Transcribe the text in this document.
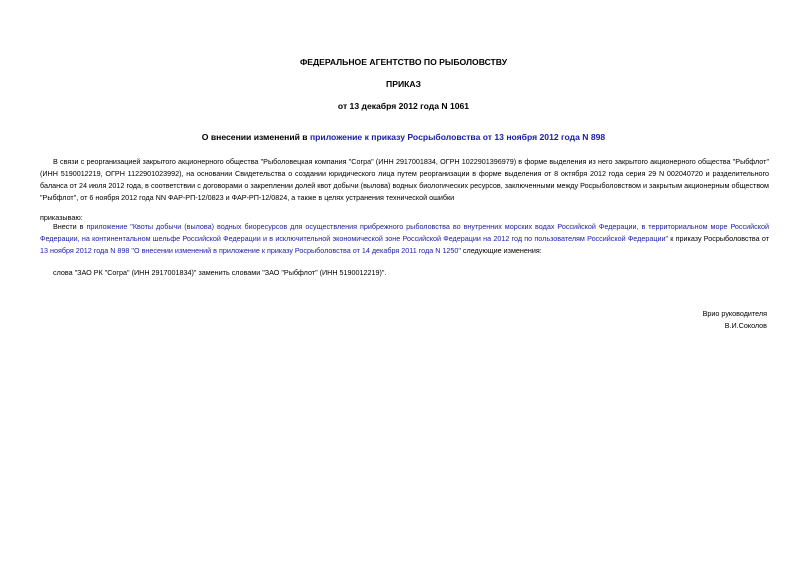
ФЕДЕРАЛЬНОЕ АГЕНТСТВО ПО РЫБОЛОВСТВУ
ПРИКАЗ
от 13 декабря 2012 года N 1061
О внесении изменений в приложение к приказу Росрыболовства от 13 ноября 2012 года N 898
В связи с реорганизацией закрытого акционерного общества "Рыболовецкая компания "Согра" (ИНН 2917001834, ОГРН 1022901396979) в форме выделения из него закрытого акционерного общества "Рыбфлот" (ИНН 5190012219, ОГРН 1122901023992), на основании Свидетельства о создании юридического лица путем реорганизации в форме выделения от 8 октября 2012 года серия 29 N 002040720 и разделительного баланса от 24 июля 2012 года, в соответствии с договорами о закреплении долей квот добычи (вылова) водных биологических ресурсов, заключенными между Росрыболовством и закрытым акционерным обществом "Рыбфлот", от 6 ноября 2012 года NN ФАР-РП-12/0823 и ФАР-РП-12/0824, а также в целях устранения технической ошибки
приказываю:
Внести в приложение "Квоты добычи (вылова) водных биоресурсов для осуществления прибрежного рыболовства во внутренних морских водах Российской Федерации, в территориальном море Российской Федерации, на континентальном шельфе Российской Федерации и в исключительной экономической зоне Российской Федерации на 2012 год по пользователям Российской Федерации" к приказу Росрыболовства от 13 ноября 2012 года N 898 "О внесении изменений в приложение к приказу Росрыболовства от 14 декабря 2011 года N 1250" следующие изменения:
слова "ЗАО РК "Согра" (ИНН 2917001834)" заменить словами "ЗАО "Рыбфлот" (ИНН 5190012219)".
Врио руководителя
В.И.Соколов
